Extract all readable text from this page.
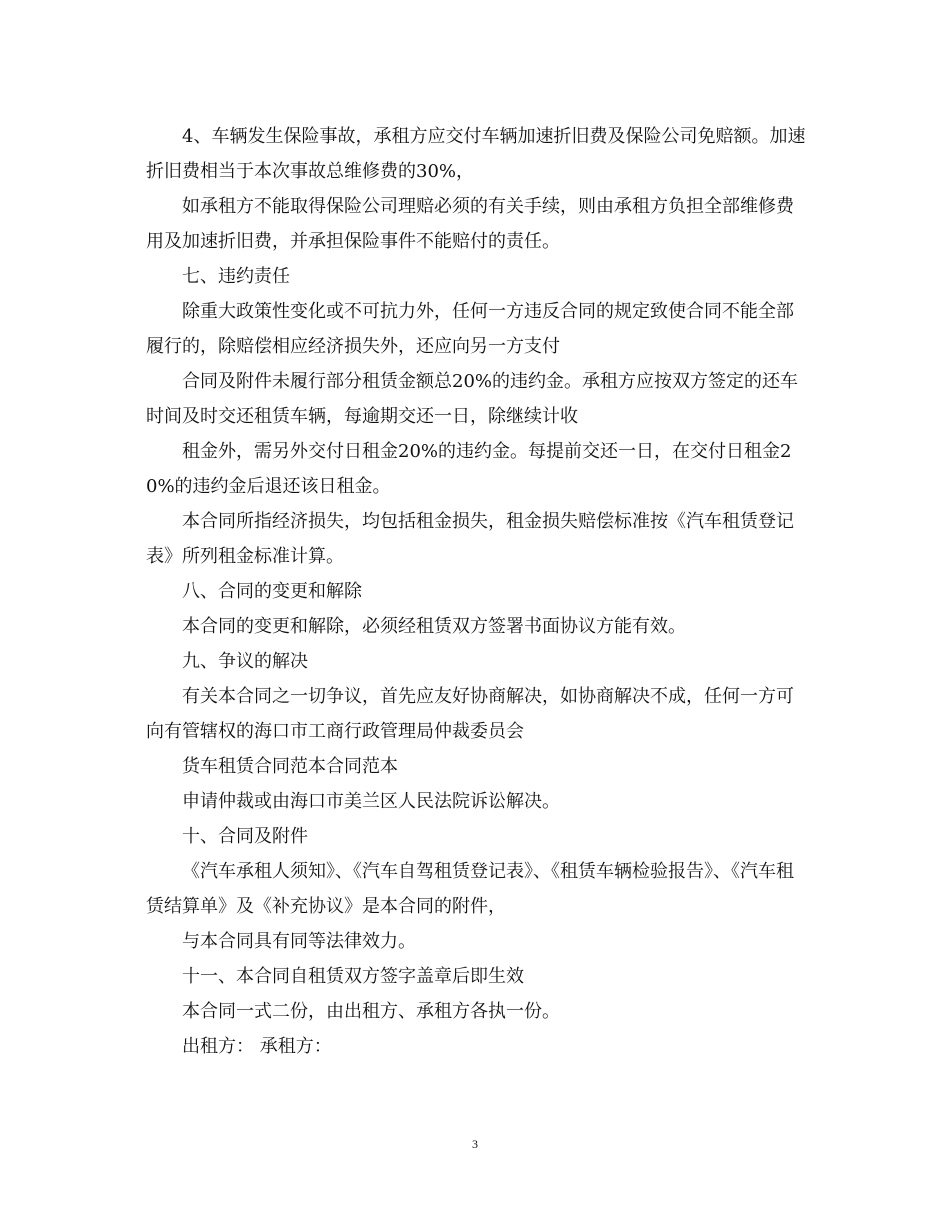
4、车辆发生保险事故，承租方应交付车辆加速折旧费及保险公司免赔额。加速折旧费相当于本次事故总维修费的30%，

如承租方不能取得保险公司理赔必须的有关手续，则由承租方负担全部维修费用及加速折旧费，并承担保险事件不能赔付的责任。

七、违约责任

除重大政策性变化或不可抗力外，任何一方违反合同的规定致使合同不能全部履行的，除赔偿相应经济损失外，还应向另一方支付

合同及附件未履行部分租赁金额总20%的违约金。承租方应按双方签定的还车时间及时交还租赁车辆，每逾期交还一日，除继续计收

租金外，需另外交付日租金20%的违约金。每提前交还一日，在交付日租金20%的违约金后退还该日租金。

本合同所指经济损失，均包括租金损失，租金损失赔偿标准按《汽车租赁登记表》所列租金标准计算。

八、合同的变更和解除

本合同的变更和解除，必须经租赁双方签署书面协议方能有效。

九、争议的解决

有关本合同之一切争议，首先应友好协商解决，如协商解决不成，任何一方可向有管辖权的海口市工商行政管理局仲裁委员会

货车租赁合同范本合同范本

申请仲裁或由海口市美兰区人民法院诉讼解决。

十、合同及附件

《汽车承租人须知》、《汽车自驾租赁登记表》、《租赁车辆检验报告》、《汽车租赁结算单》及《补充协议》是本合同的附件，

与本合同具有同等法律效力。

十一、本合同自租赁双方签字盖章后即生效

本合同一式二份，由出租方、承租方各执一份。

出租方： 承租方：

3
